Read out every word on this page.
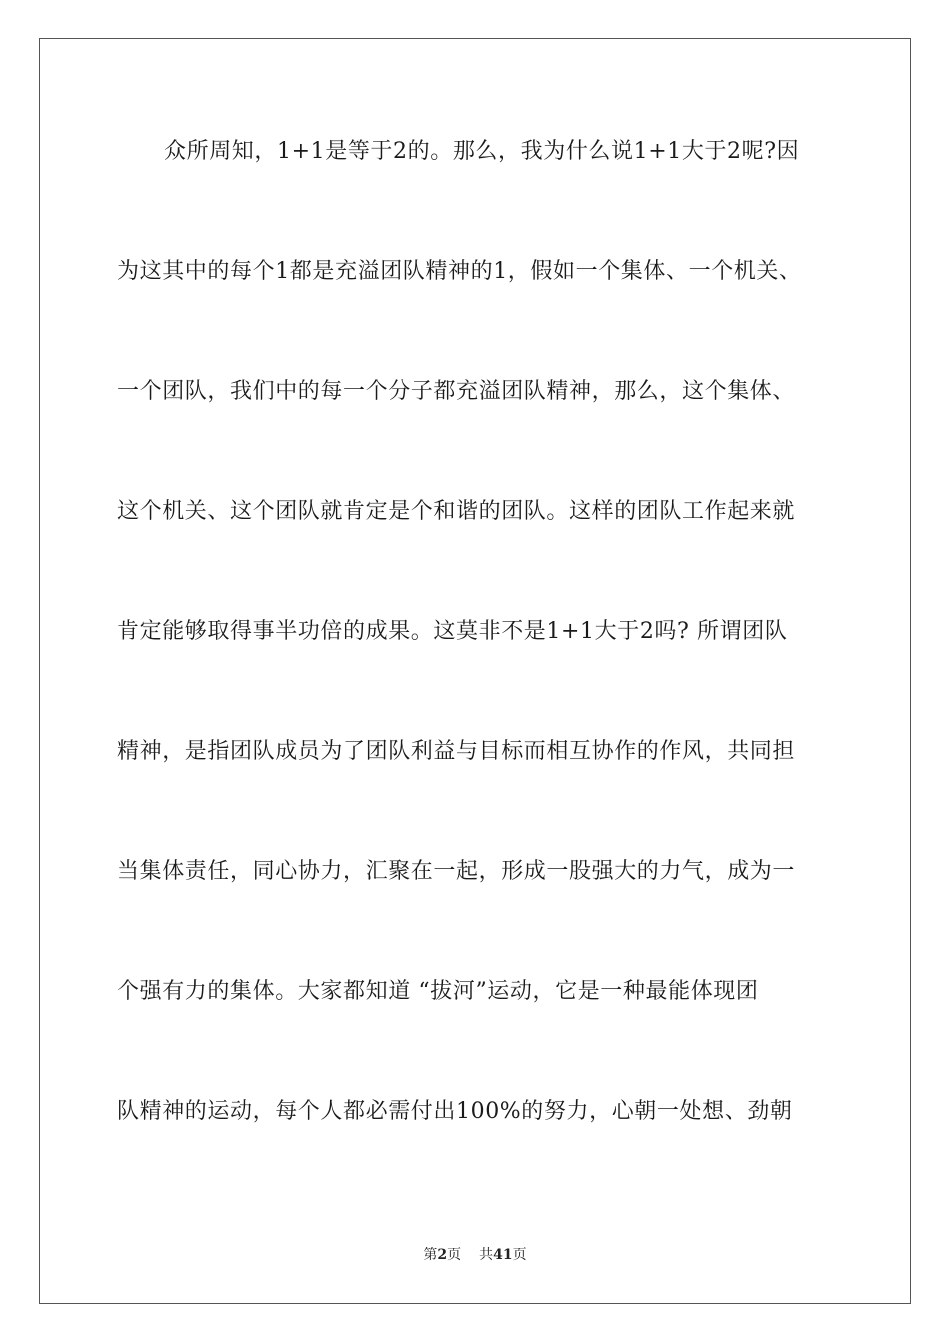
众所周知，1+1是等于2的。那么，我为什么说1+1大于2呢?因
为这其中的每个1都是充溢团队精神的1，假如一个集体、一个机关、
一个团队，我们中的每一个分子都充溢团队精神，那么，这个集体、
这个机关、这个团队就肯定是个和谐的团队。这样的团队工作起来就
肯定能够取得事半功倍的成果。这莫非不是1+1大于2吗? 所谓团队
精神，是指团队成员为了团队利益与目标而相互协作的作风，共同担
当集体责任，同心协力，汇聚在一起，形成一股强大的力气，成为一
个强有力的集体。大家都知道 “拔河”运动，它是一种最能体现团
队精神的运动，每个人都必需付出100%的努力，心朝一处想、劲朝
第2页 共41页
